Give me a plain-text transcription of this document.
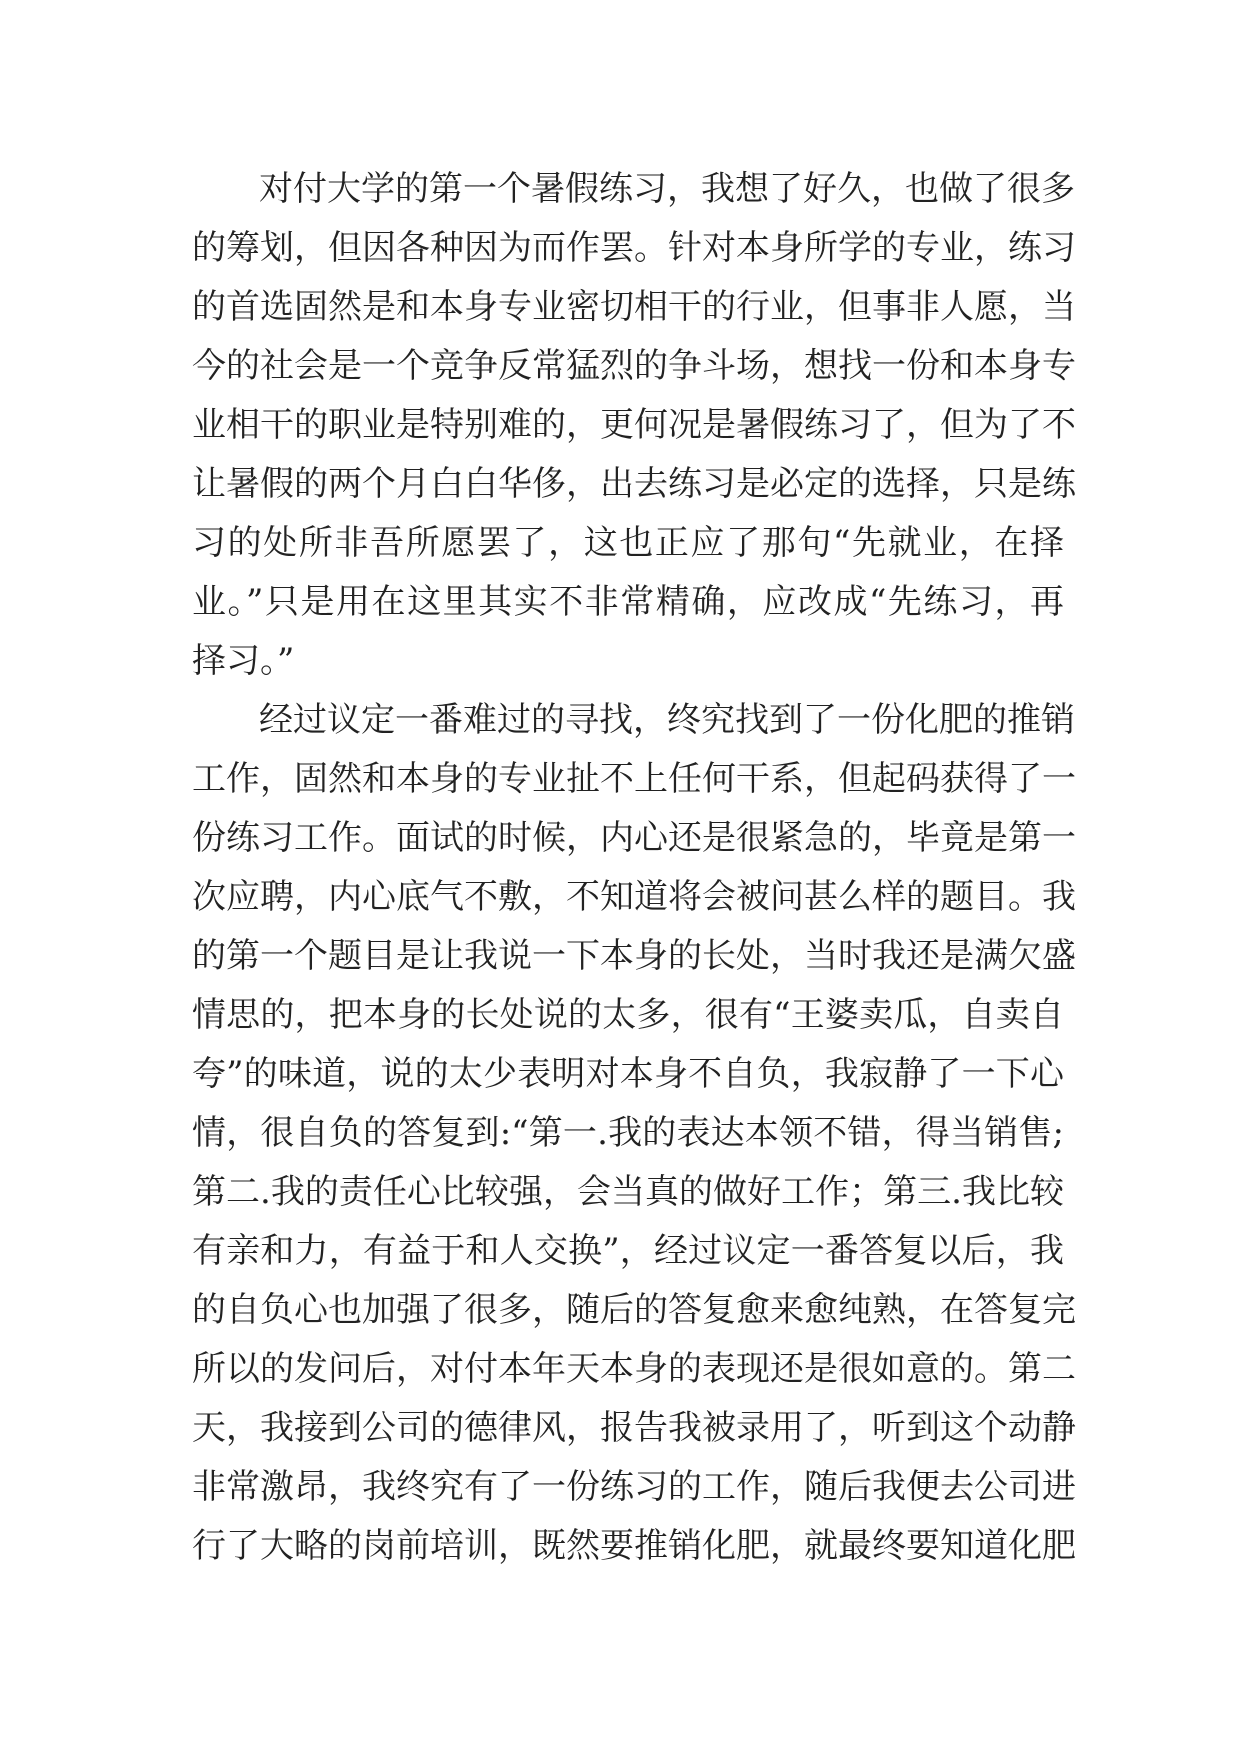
对付大学的第一个暑假练习，我想了好久，也做了很多
的筹划，但因各种因为而作罢。针对本身所学的专业，练习
的首选固然是和本身专业密切相干的行业，但事非人愿，当
今的社会是一个竞争反常猛烈的争斗场，想找一份和本身专
业相干的职业是特别难的，更何况是暑假练习了，但为了不
让暑假的两个月白白华侈，出去练习是必定的选择，只是练
习的处所非吾所愿罢了，这也正应了那句“先就业，在择
业。”只是用在这里其实不非常精确，应改成“先练习，再
择习。”
经过议定一番难过的寻找，终究找到了一份化肥的推销
工作，固然和本身的专业扯不上任何干系，但起码获得了一
份练习工作。面试的时候，内心还是很紧急的，毕竟是第一
次应聘，内心底气不敷，不知道将会被问甚么样的题目。我
的第一个题目是让我说一下本身的长处，当时我还是满欠盛
情思的，把本身的长处说的太多，很有“王婆卖瓜，自卖自
夸”的味道，说的太少表明对本身不自负，我寂静了一下心
情，很自负的答复到:“第一.我的表达本领不错，得当销售;
第二.我的责任心比较强，会当真的做好工作；第三.我比较
有亲和力，有益于和人交换”，经过议定一番答复以后，我
的自负心也加强了很多，随后的答复愈来愈纯熟，在答复完
所以的发问后，对付本年天本身的表现还是很如意的。第二
天，我接到公司的德律风，报告我被录用了，听到这个动静
非常激昂，我终究有了一份练习的工作，随后我便去公司进
行了大略的岗前培训，既然要推销化肥，就最终要知道化肥
